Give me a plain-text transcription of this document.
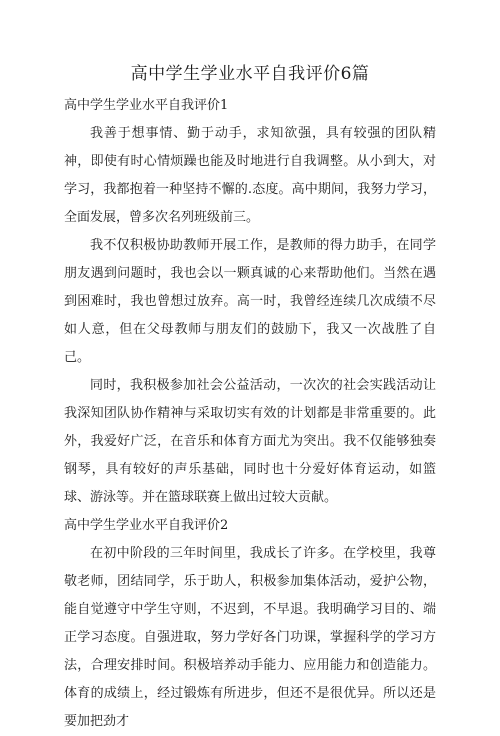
高中学生学业水平自我评价6篇
高中学生学业水平自我评价1

我善于想事情、勤于动手，求知欲强，具有较强的团队精神，即使有时心情烦躁也能及时地进行自我调整。从小到大，对学习，我都抱着一种坚持不懈的.态度。高中期间，我努力学习，全面发展，曾多次名列班级前三。

我不仅积极协助教师开展工作，是教师的得力助手，在同学朋友遇到问题时，我也会以一颗真诚的心来帮助他们。当然在遇到困难时，我也曾想过放弃。高一时，我曾经连续几次成绩不尽如人意，但在父母教师与朋友们的鼓励下，我又一次战胜了自己。

同时，我积极参加社会公益活动，一次次的社会实践活动让我深知团队协作精神与采取切实有效的计划都是非常重要的。此外，我爱好广泛，在音乐和体育方面尤为突出。我不仅能够独奏钢琴，具有较好的声乐基础，同时也十分爱好体育运动，如篮球、游泳等。并在篮球联赛上做出过较大贡献。

高中学生学业水平自我评价2

在初中阶段的三年时间里，我成长了许多。在学校里，我尊敬老师，团结同学，乐于助人，积极参加集体活动，爱护公物，能自觉遵守中学生守则，不迟到，不早退。我明确学习目的、端正学习态度。自强进取，努力学好各门功课，掌握科学的学习方法，合理安排时间。积极培养动手能力、应用能力和创造能力。体育的成绩上，经过锻炼有所进步，但还不是很优异。所以还是要加把劲才
